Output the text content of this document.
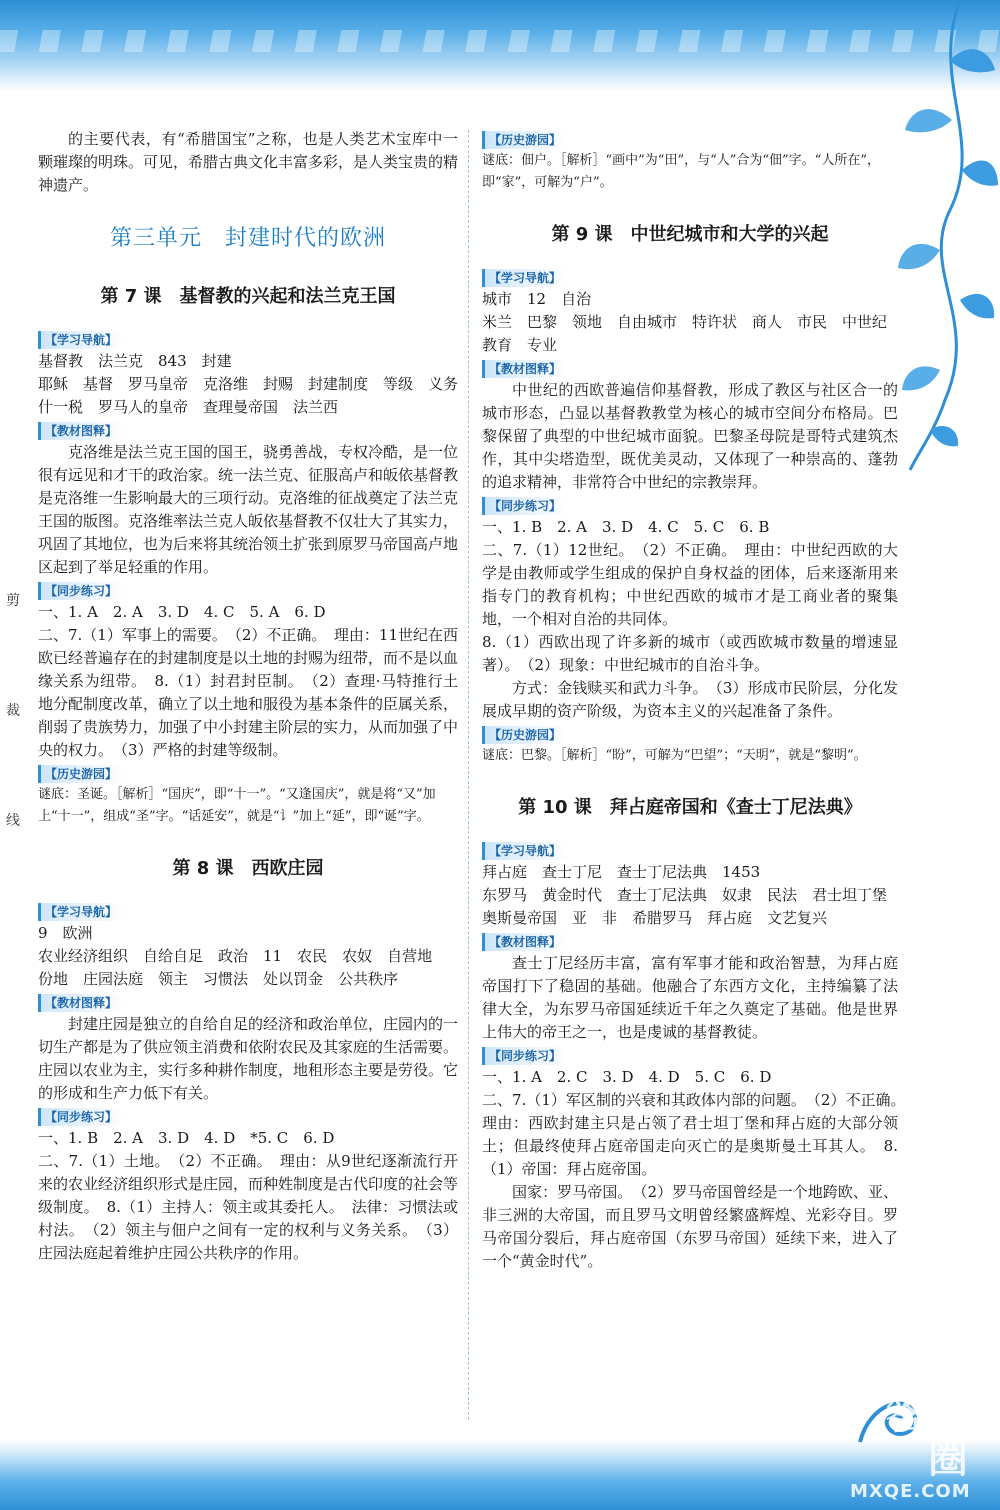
答案圈
MXQE.COM
剪
裁
线

的主要代表，有“希腊国宝”之称，也是人类艺术宝库中一颗璀璨的明珠。可见，希腊古典文化丰富多彩，是人类宝贵的精神遗产。

第三单元　封建时代的欧洲
第 7 课　基督教的兴起和法兰克王国
【学习导航】

基督教　法兰克　843　封建

耶稣　基督　罗马皇帝　克洛维　封赐　封建制度　等级　义务　什一税　罗马人的皇帝　查理曼帝国　法兰西

【教材图释】

克洛维是法兰克王国的国王，骁勇善战，专权冷酷，是一位很有远见和才干的政治家。统一法兰克、征服高卢和皈依基督教是克洛维一生影响最大的三项行动。克洛维的征战奠定了法兰克王国的版图。克洛维率法兰克人皈依基督教不仅壮大了其实力，巩固了其地位，也为后来将其统治领土扩张到原罗马帝国高卢地区起到了举足轻重的作用。

【同步练习】

一、1. A　2. A　3. D　4. C　5. A　6. D

二、7.（1）军事上的需要。　（2）不正确。　理由：11世纪在西欧已经普遍存在的封建制度是以土地的封赐为纽带，而不是以血缘关系为纽带。　8.（1）封君封臣制。　（2）查理·马特推行土地分配制度改革，确立了以土地和服役为基本条件的臣属关系，削弱了贵族势力，加强了中小封建主阶层的实力，从而加强了中央的权力。　（3）严格的封建等级制。

【历史游园】

谜底：圣诞。［解析］“国庆”，即“十一”。“又逢国庆”，就是将“又”加上“十一”，组成“圣”字。“话延安”，就是“讠”加上“延”，即“诞”字。

第 8 课　西欧庄园
【学习导航】

9　欧洲

农业经济组织　自给自足　政治　11　农民　农奴　自营地　份地　庄园法庭　领主　习惯法　处以罚金　公共秩序

【教材图释】

封建庄园是独立的自给自足的经济和政治单位，庄园内的一切生产都是为了供应领主消费和依附农民及其家庭的生活需要。庄园以农业为主，实行多种耕作制度，地租形态主要是劳役。它的形成和生产力低下有关。

【同步练习】

一、1. B　2. A　3. D　4. D　*5. C　6. D

二、7.（1）土地。　（2）不正确。　理由：从9世纪逐渐流行开来的农业经济组织形式是庄园，而种姓制度是古代印度的社会等级制度。　8.（1）主持人：领主或其委托人。　法律：习惯法或村法。　（2）领主与佃户之间有一定的权利与义务关系。　（3）庄园法庭起着维护庄园公共秩序的作用。

【历史游园】

谜底：佃户。［解析］“画中”为“田”，与“人”合为“佃”字。“人所在”，即“家”，可解为“户”。

第 9 课　中世纪城市和大学的兴起
【学习导航】

城市　12　自治

米兰　巴黎　领地　自由城市　特许状　商人　市民　中世纪教育　专业

【教材图释】

中世纪的西欧普遍信仰基督教，形成了教区与社区合一的城市形态，凸显以基督教教堂为核心的城市空间分布格局。巴黎保留了典型的中世纪城市面貌。巴黎圣母院是哥特式建筑杰作，其中尖塔造型，既优美灵动，又体现了一种崇高的、蓬勃的追求精神，非常符合中世纪的宗教崇拜。

【同步练习】

一、1. B　2. A　3. D　4. C　5. C　6. B

二、7.（1）12世纪。　（2）不正确。　理由：中世纪西欧的大学是由教师或学生组成的保护自身权益的团体，后来逐渐用来指专门的教育机构；中世纪西欧的城市才是工商业者的聚集地，一个相对自治的共同体。

8.（1）西欧出现了许多新的城市（或西欧城市数量的增速显著）。　（2）现象：中世纪城市的自治斗争。

方式：金钱赎买和武力斗争。　（3）形成市民阶层，分化发展成早期的资产阶级，为资本主义的兴起准备了条件。

【历史游园】

谜底：巴黎。［解析］“盼”，可解为“巴望”；“天明”，就是“黎明”。

第 10 课　拜占庭帝国和《查士丁尼法典》
【学习导航】

拜占庭　查士丁尼　查士丁尼法典　1453

东罗马　黄金时代　查士丁尼法典　奴隶　民法　君士坦丁堡　奥斯曼帝国　亚　非　希腊罗马　拜占庭　文艺复兴

【教材图释】

查士丁尼经历丰富，富有军事才能和政治智慧，为拜占庭帝国打下了稳固的基础。他融合了东西方文化，主持编纂了法律大全，为东罗马帝国延续近千年之久奠定了基础。他是世界上伟大的帝王之一，也是虔诚的基督教徒。

【同步练习】

一、1. A　2. C　3. D　4. D　5. C　6. D

二、7.（1）军区制的兴衰和其政体内部的问题。　（2）不正确。　理由：西欧封建主只是占领了君士坦丁堡和拜占庭的大部分领土；但最终使拜占庭帝国走向灭亡的是奥斯曼土耳其人。　8.（1）帝国：拜占庭帝国。

国家：罗马帝国。　（2）罗马帝国曾经是一个地跨欧、亚、非三洲的大帝国，而且罗马文明曾经繁盛辉煌、光彩夺目。罗马帝国分裂后，拜占庭帝国（东罗马帝国）延续下来，进入了一个“黄金时代”。
